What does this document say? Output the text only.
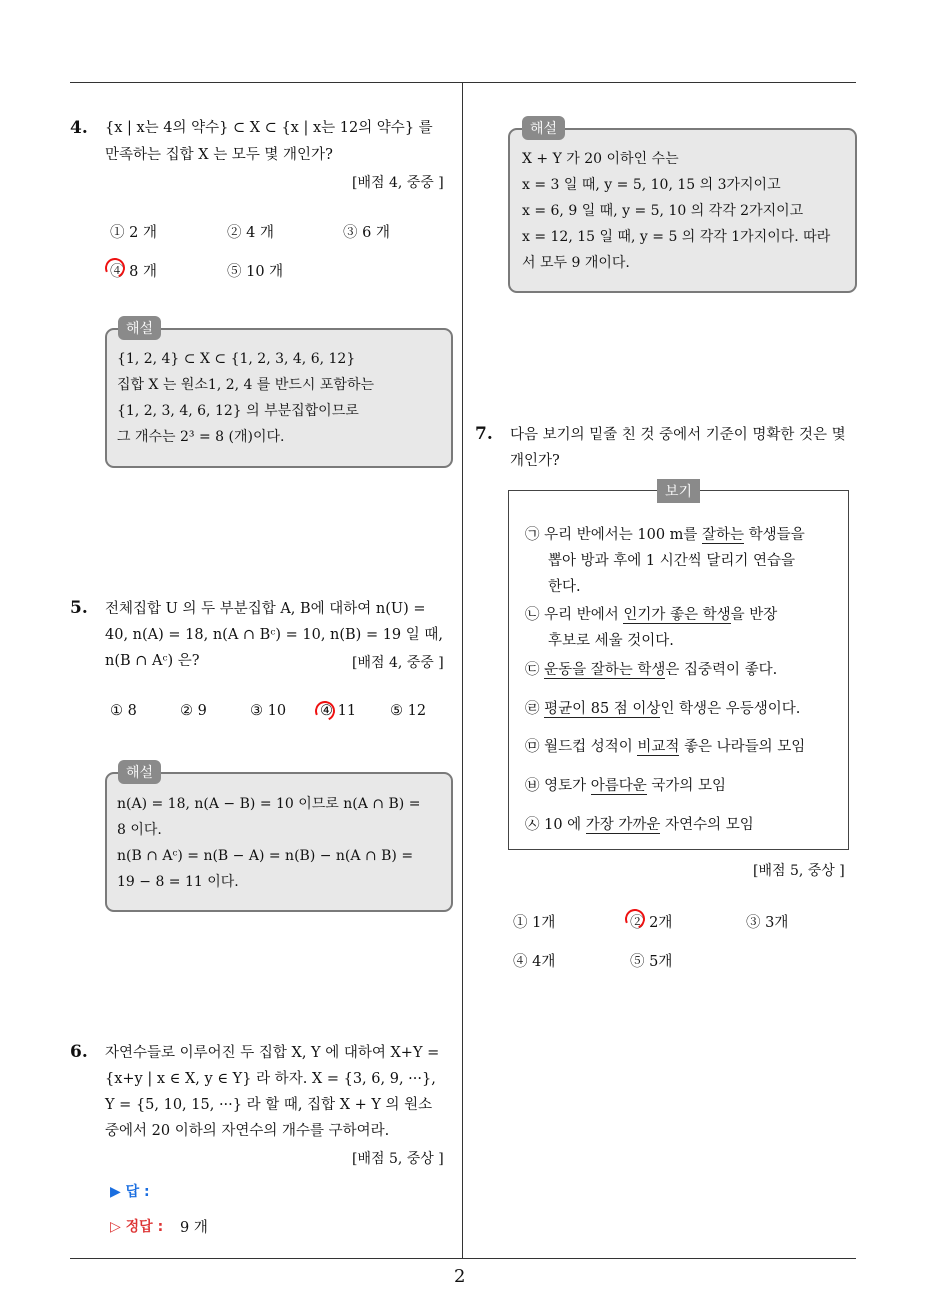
2
4. {x | x는 4의 약수} ⊂ X ⊂ {x | x는 12의 약수} 를
만족하는 집합 X 는 모두 몇 개인가?
[배점 4, 중중 ]
① 2 개	② 4 개	③ 6 개
④ 8 개	⑤ 10 개
해설
{1, 2, 4} ⊂ X ⊂ {1, 2, 3, 4, 6, 12}
집합 X 는 원소1, 2, 4 를 반드시 포함하는
{1, 2, 3, 4, 6, 12} 의 부분집합이므로
그 개수는 2³ = 8 (개)이다.
5. 전체집합 U 의 두 부분집합 A, B에 대하여 n(U) =
40, n(A) = 18, n(A ∩ Bᶜ) = 10, n(B) = 19 일 때,
n(B ∩ Aᶜ) 은?	[배점 4, 중중 ]
① 8	② 9	③ 10 ④ 11 ⑤ 12
해설
n(A) = 18, n(A − B) = 10 이므로 n(A ∩ B) =
8 이다.
n(B ∩ Aᶜ) = n(B − A) = n(B) − n(A ∩ B) =
19 − 8 = 11 이다.
6. 자연수들로 이루어진 두 집합 X, Y 에 대하여 X+Y =
{x+y | x ∈ X, y ∈ Y} 라 하자. X = {3, 6, 9, ···},
Y = {5, 10, 15, ···} 라 할 때, 집합 X + Y 의 원소
중에서 20 이하의 자연수의 개수를 구하여라.
[배점 5, 중상 ]
▶ 답 :
▷ 정답 : 9 개
해설
X + Y 가 20 이하인 수는
x = 3 일 때, y = 5, 10, 15 의 3가지이고
x = 6, 9 일 때, y = 5, 10 의 각각 2가지이고
x = 12, 15 일 때, y = 5 의 각각 1가지이다. 따라
서 모두 9 개이다.
7. 다음 보기의 밑줄 친 것 중에서 기준이 명확한 것은 몇
개인가?
보기
㉠ 우리 반에서는 100 m를 잘하는 학생들을
뽑아 방과 후에 1 시간씩 달리기 연습을
한다.
㉡ 우리 반에서 인기가 좋은 학생을 반장
후보로 세울 것이다.
㉢ 운동을 잘하는 학생은 집중력이 좋다.
㉣ 평균이 85 점 이상인 학생은 우등생이다.
㉤ 월드컵 성적이 비교적 좋은 나라들의 모임
㉥ 영토가 아름다운 국가의 모임
㉦ 10 에 가장 가까운 자연수의 모임
[배점 5, 중상 ]
① 1개	② 2개	③ 3개
④ 4개	⑤ 5개
